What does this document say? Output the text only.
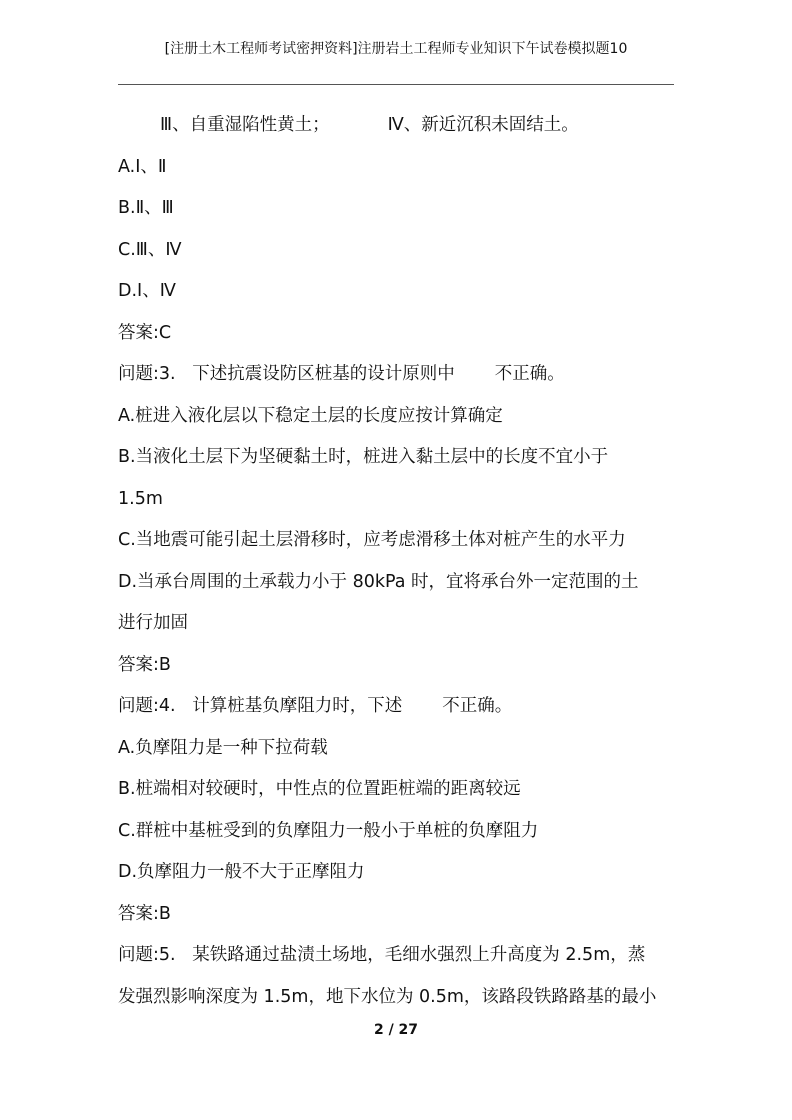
[注册土木工程师考试密押资料]注册岩土工程师专业知识下午试卷模拟题10
Ⅲ、自重湿陷性黄土；	Ⅳ、新近沉积未固结土。
A.Ⅰ、Ⅱ
B.Ⅱ、Ⅲ
C.Ⅲ、Ⅳ
D.Ⅰ、Ⅳ
答案:C
问题:3. 下述抗震设防区桩基的设计原则中 不正确。
A.桩进入液化层以下稳定土层的长度应按计算确定
B.当液化土层下为坚硬黏土时，桩进入黏土层中的长度不宜小于
1.5m
C.当地震可能引起土层滑移时，应考虑滑移土体对桩产生的水平力
D.当承台周围的土承载力小于 80kPa 时，宜将承台外一定范围的土
进行加固
答案:B
问题:4. 计算桩基负摩阻力时，下述 不正确。
A.负摩阻力是一种下拉荷载
B.桩端相对较硬时，中性点的位置距桩端的距离较远
C.群桩中基桩受到的负摩阻力一般小于单桩的负摩阻力
D.负摩阻力一般不大于正摩阻力
答案:B
问题:5. 某铁路通过盐渍土场地，毛细水强烈上升高度为 2.5m，蒸
发强烈影响深度为 1.5m，地下水位为 0.5m，该路段铁路路基的最小
2 / 27
